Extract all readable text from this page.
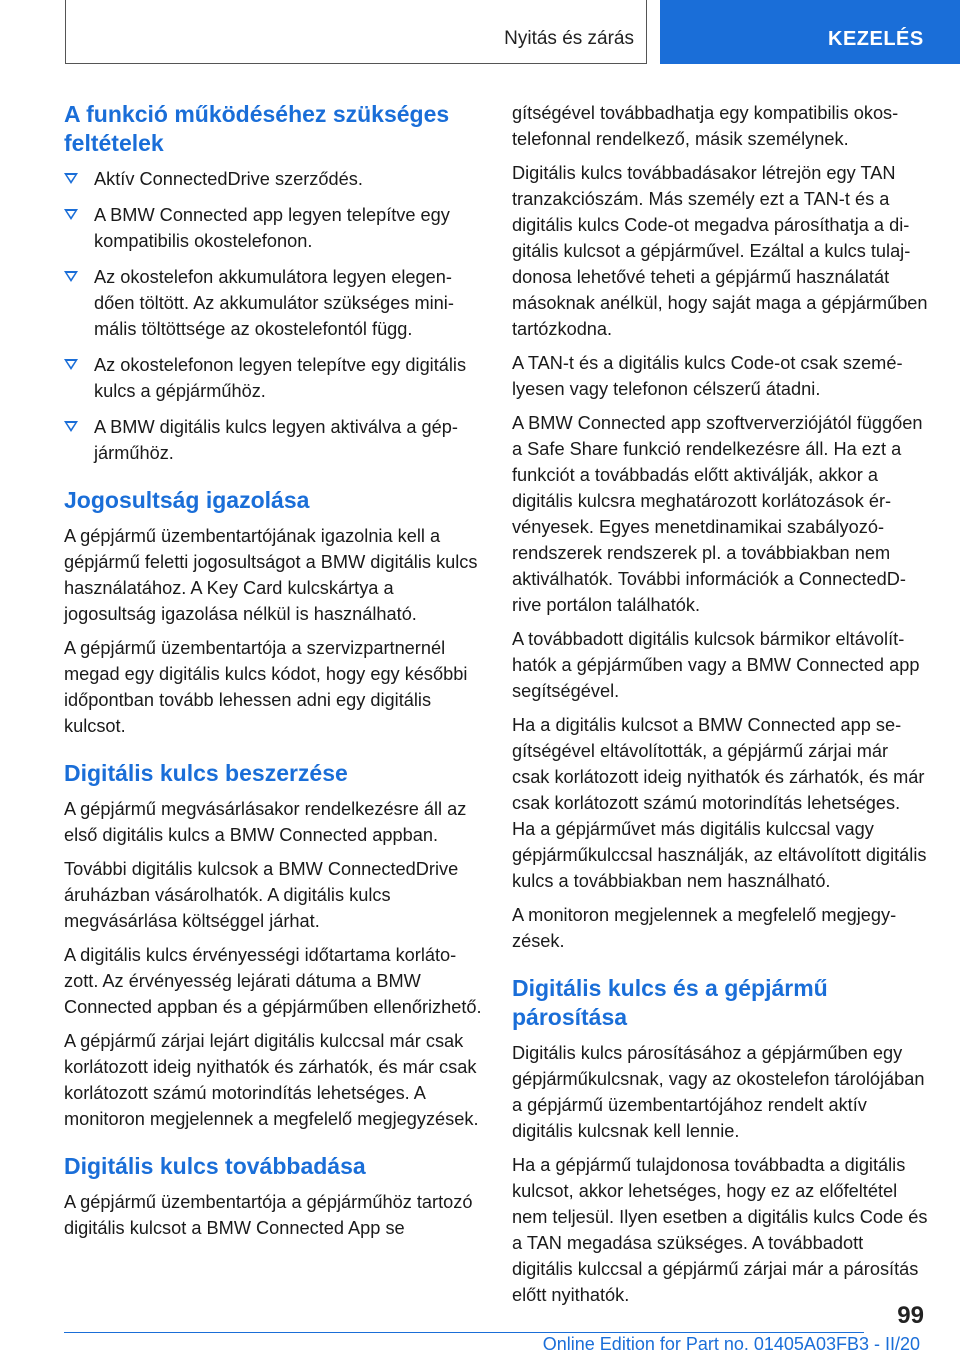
Nyitás és zárás	KEZELÉS
A funkció működéséhez szükséges feltételek
Aktív ConnectedDrive szerződés.
A BMW Connected app legyen telepítve egy kompatibilis okostelefonon.
Az okostelefon akkumulátora legyen elegendően töltött. Az akkumulátor szükséges minimális töltöttsége az okostelefontól függ.
Az okostelefonon legyen telepítve egy digitális kulcs a gépjárműhöz.
A BMW digitális kulcs legyen aktiválva a gépjárműhöz.
Jogosultság igazolása

A gépjármű üzembentartójának igazolnia kell a gépjármű feletti jogosultságot a BMW digitális kulcs használatához. A Key Card kulcskártya a jogosultság igazolása nélkül is használható.

A gépjármű üzembentartója a szervizpartnernél megad egy digitális kulcs kódot, hogy egy későbbi időpontban tovább lehessen adni egy digitális kulcsot.

Digitális kulcs beszerzése

A gépjármű megvásárlásakor rendelkezésre áll az első digitális kulcs a BMW Connected appban.

További digitális kulcsok a BMW ConnectedDrive áruházban vásárolhatók. A digitális kulcs megvásárlása költséggel járhat.

A digitális kulcs érvényességi időtartama korlátozott. Az érvényesség lejárati dátuma a BMW Connected appban és a gépjárműben ellenőrizhető.

A gépjármű zárjai lejárt digitális kulccsal már csak korlátozott ideig nyithatók és zárhatók, és már csak korlátozott számú motorindítás lehetséges. A monitoron megjelennek a megfelelő megjegyzések.

Digitális kulcs továbbadása

A gépjármű üzembentartója a gépjárműhöz tartozó digitális kulcsot a BMW Connected App se

gítségével továbbadhatja egy kompatibilis okostelefonnal rendelkező, másik személynek.

Digitális kulcs továbbadásakor létrejön egy TAN tranzakciószám. Más személy ezt a TAN-t és a digitális kulcs Code-ot megadva párosíthatja a digitális kulcsot a gépjárművel. Ezáltal a kulcs tulajdonosa lehetővé teheti a gépjármű használatát másoknak anélkül, hogy saját maga a gépjárműben tartózkodna.

A TAN-t és a digitális kulcs Code-ot csak személyesen vagy telefonon célszerű átadni.

A BMW Connected app szoftververziójától függően a Safe Share funkció rendelkezésre áll. Ha ezt a funkciót a továbbadás előtt aktiválják, akkor a digitális kulcsra meghatározott korlátozások érvényesek. Egyes menetdinamikai szabályozórendszerek rendszerek pl. a továbbiakban nem aktiválhatók. További információk a ConnectedDrive portálon találhatók.

A továbbadott digitális kulcsok bármikor eltávolíthatók a gépjárműben vagy a BMW Connected app segítségével.

Ha a digitális kulcsot a BMW Connected app segítségével eltávolították, a gépjármű zárjai már csak korlátozott ideig nyithatók és zárhatók, és már csak korlátozott számú motorindítás lehetséges. Ha a gépjárművet más digitális kulccsal vagy gépjárműkulccsal használják, az eltávolított digitális kulcs a továbbiakban nem használható.

A monitoron megjelennek a megfelelő megjegyzések.

Digitális kulcs és a gépjármű párosítása

Digitális kulcs párosításához a gépjárműben egy gépjárműkulcsnak, vagy az okostelefon tárolójában a gépjármű üzembentartójához rendelt aktív digitális kulcsnak kell lennie.

Ha a gépjármű tulajdonosa továbbadta a digitális kulcsot, akkor lehetséges, hogy ez az előfeltétel nem teljesül. Ilyen esetben a digitális kulcs Code és a TAN megadása szükséges. A továbbadott digitális kulccsal a gépjármű zárjai már a párosítás előtt nyithatók.

99
Online Edition for Part no. 01405A03FB3 - II/20
